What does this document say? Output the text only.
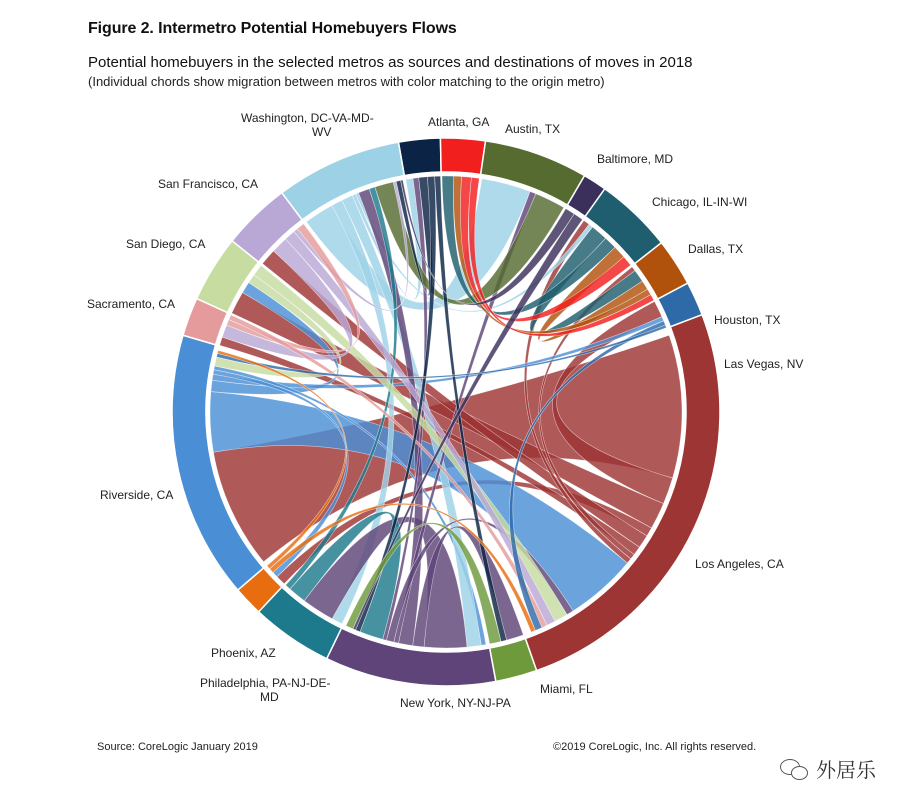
Figure 2. Intermetro Potential Homebuyers Flows
Potential homebuyers in the selected metros as sources and destinations of moves in 2018
(Individual chords show migration between metros with color matching to the origin metro)
Atlanta, GA Austin, TX
Baltimore, MD
Chicago, IL-IN-WI
Dallas, TX
Houston, TX
Las Vegas, NV
Los Angeles, CA
Miami, FL
New York, NY-NJ-PA
Philadelphia, PA-NJ-DE-MD
Phoenix, AZ
Riverside, CA
Sacramento, CA
San Diego, CA
San Francisco, CA
Washington, DC-VA-MD-WV
Source: CoreLogic January 2019	©2019 CoreLogic, Inc. All rights reserved.
外居乐
